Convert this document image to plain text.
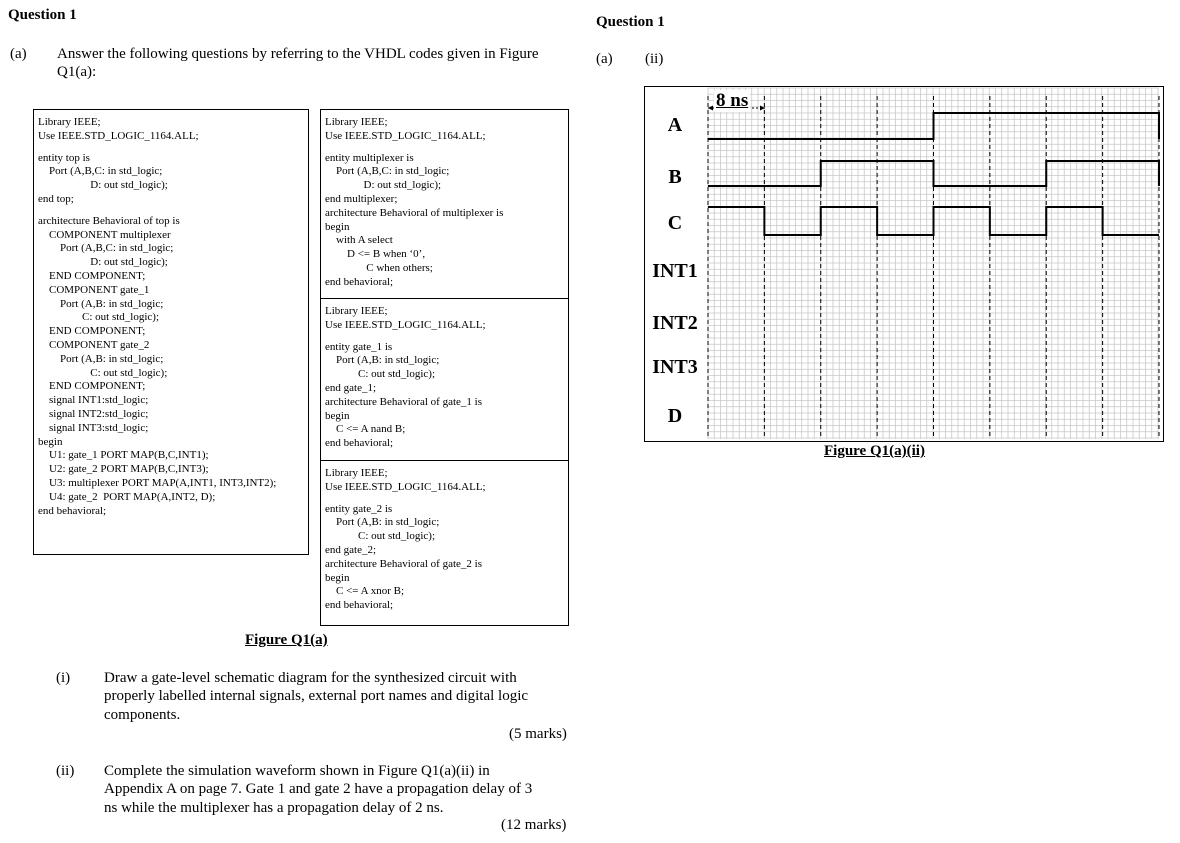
Question 1
(a) Answer the following questions by referring to the VHDL codes given in Figure
Q1(a):
Library IEEE;
Use IEEE.STD_LOGIC_1164.ALL;
entity top is
Port (A,B,C: in std_logic;
D: out std_logic);
end top;
architecture Behavioral of top is
COMPONENT multiplexer
Port (A,B,C: in std_logic;
D: out std_logic);
END COMPONENT;
COMPONENT gate_1
Port (A,B: in std_logic;
C: out std_logic);
END COMPONENT;
COMPONENT gate_2
Port (A,B: in std_logic;
C: out std_logic);
END COMPONENT;
signal INT1:std_logic;
signal INT2:std_logic;
signal INT3:std_logic;
begin
U1: gate_1 PORT MAP(B,C,INT1);
U2: gate_2 PORT MAP(B,C,INT3);
U3: multiplexer PORT MAP(A,INT1, INT3,INT2);
U4: gate_2  PORT MAP(A,INT2, D);
end behavioral;
Library IEEE;
Use IEEE.STD_LOGIC_1164.ALL;
entity multiplexer is
Port (A,B,C: in std_logic;
D: out std_logic);
end multiplexer;
architecture Behavioral of multiplexer is
begin
with A select
D <= B when ‘0’,
C when others;
end behavioral;
Library IEEE;
Use IEEE.STD_LOGIC_1164.ALL;
entity gate_1 is
Port (A,B: in std_logic;
C: out std_logic);
end gate_1;
architecture Behavioral of gate_1 is
begin
C <= A nand B;
end behavioral;
Library IEEE;
Use IEEE.STD_LOGIC_1164.ALL;
entity gate_2 is
Port (A,B: in std_logic;
C: out std_logic);
end gate_2;
architecture Behavioral of gate_2 is
begin
C <= A xnor B;
end behavioral;
Figure Q1(a)
(i) Draw a gate-level schematic diagram for the synthesized circuit with
properly labelled internal signals, external port names and digital logic
components.
(5 marks)
(ii) Complete the simulation waveform shown in Figure Q1(a)(ii) in
Appendix A on page 7. Gate 1 and gate 2 have a propagation delay of 3
ns while the multiplexer has a propagation delay of 2 ns.
(12 marks)
Question 1
(a) (ii)
8 ns
A
B
C
INT1
INT2
INT3
D
Figure Q1(a)(ii)
